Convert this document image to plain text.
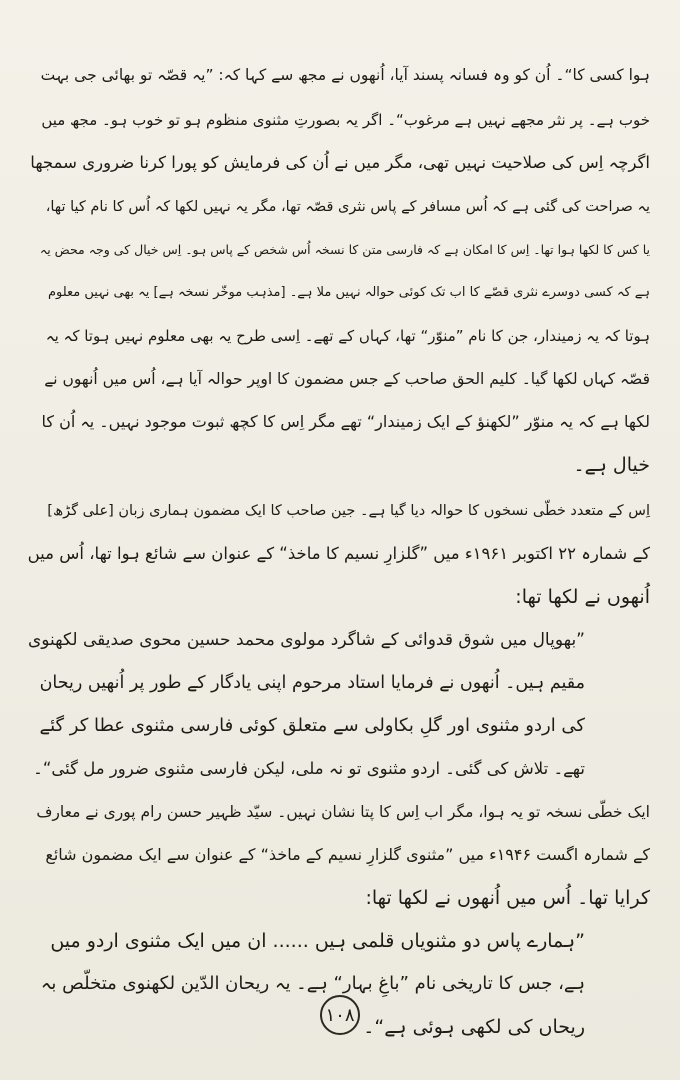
ہوا کسی کا“۔ اُن کو وہ فسانہ پسند آیا، اُنھوں نے مجھ سے کہا کہ: ”یہ قصّہ تو بھائی جی بہت
خوب ہے۔ پر نثر مجھے نہیں ہے مرغوب“۔ اگر یہ بصورتِ مثنوی منظوم ہو تو خوب ہو۔ مجھ میں
اگرچہ اِس کی صلاحیت نہیں تھی، مگر میں نے اُن کی فرمایش کو پورا کرنا ضروری سمجھا
یہ صراحت کی گئی ہے کہ اُس مسافر کے پاس نثری قصّہ تھا، مگر یہ نہیں لکھا کہ اُس کا نام کیا تھا،
یا کس کا لکھا ہوا تھا۔ اِس کا امکان ہے کہ فارسی متن کا نسخہ اُس شخص کے پاس ہو۔ اِس خیال کی وجہ محض یہ
ہے کہ کسی دوسرے نثری قصّے کا اب تک کوئی حوالہ نہیں ملا ہے۔ [مذہب موخّر نسخہ ہے] یہ بھی نہیں معلوم
ہوتا کہ یہ زمیندار، جن کا نام ”منوّر“ تھا، کہاں کے تھے۔ اِسی طرح یہ بھی معلوم نہیں ہوتا کہ یہ
قصّہ کہاں لکھا گیا۔ کلیم الحق صاحب کے جس مضمون کا اوپر حوالہ آیا ہے، اُس میں اُنھوں نے
لکھا ہے کہ یہ منوّر ”لکھنؤ کے ایک زمیندار“ تھے مگر اِس کا کچھ ثبوت موجود نہیں۔ یہ اُن کا
خیال ہے۔
اِس کے متعدد خطّی نسخوں کا حوالہ دیا گیا ہے۔ جین صاحب کا ایک مضمون ہماری زبان [علی گڑھ]
کے شمارہ ۲۲ اکتوبر ۱۹۶۱ء میں ”گلزارِ نسیم کا ماخذ“ کے عنوان سے شائع ہوا تھا، اُس میں
اُنھوں نے لکھا تھا:
”بھوپال میں شوق قدوائی کے شاگرد مولوی محمد حسین محوی صدیقی لکھنوی
مقیم ہیں۔ اُنھوں نے فرمایا استاد مرحوم اپنی یادگار کے طور پر اُنھیں ریحان
کی اردو مثنوی اور گلِ بکاولی سے متعلق کوئی فارسی مثنوی عطا کر گئے
تھے۔ تلاش کی گئی۔ اردو مثنوی تو نہ ملی، لیکن فارسی مثنوی ضرور مل گئی“۔
ایک خطّی نسخہ تو یہ ہوا، مگر اب اِس کا پتا نشان نہیں۔ سیّد ظہیر حسن رام پوری نے معارف
کے شمارہ اگست ۱۹۴۶ء میں ”مثنوی گلزارِ نسیم کے ماخذ“ کے عنوان سے ایک مضمون شائع
کرایا تھا۔ اُس میں اُنھوں نے لکھا تھا:
”ہمارے پاس دو مثنویاں قلمی ہیں ...... ان میں ایک مثنوی اردو میں
ہے، جس کا تاریخی نام ”باغِ بہار“ ہے۔ یہ ریحان الدّین لکھنوی متخلّص بہ
ریحاں کی لکھی ہوئی ہے“۔
۱۰۸
